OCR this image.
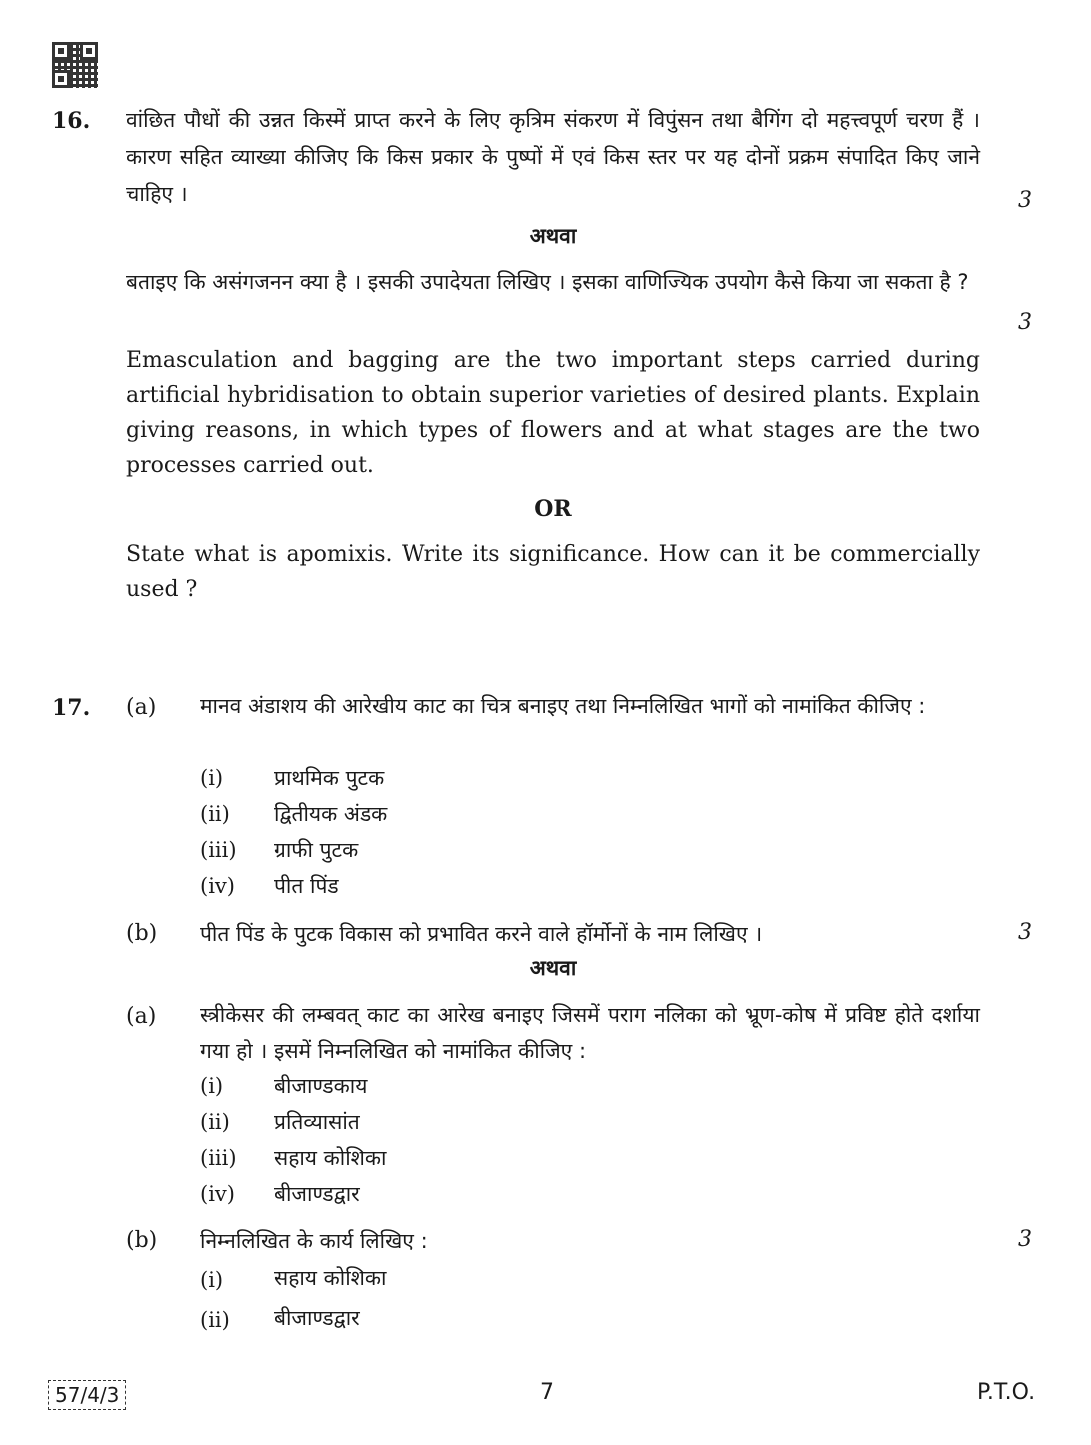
16. वांछित पौधों की उन्नत किस्में प्राप्त करने के लिए कृत्रिम संकरण में विपुंसन तथा बैगिंग दो महत्त्वपूर्ण चरण हैं । कारण सहित व्याख्या कीजिए कि किस प्रकार के पुष्पों में एवं किस स्तर पर यह दोनों प्रक्रम संपादित किए जाने चाहिए ।	3
अथवा
बताइए कि असंगजनन क्या है । इसकी उपादेयता लिखिए । इसका वाणिज्यिक उपयोग कैसे किया जा सकता है ?
3
Emasculation and bagging are the two important steps carried during artificial hybridisation to obtain superior varieties of desired plants. Explain giving reasons, in which types of flowers and at what stages are the two processes carried out.
OR
State what is apomixis. Write its significance. How can it be commercially used ?
17. (a) मानव अंडाशय की आरेखीय काट का चित्र बनाइए तथा निम्नलिखित भागों को नामांकित कीजिए :
(i) प्राथमिक पुटक
(ii) द्वितीयक अंडक
(iii) ग्राफी पुटक
(iv) पीत पिंड
(b) पीत पिंड के पुटक विकास को प्रभावित करने वाले हॉर्मोनों के नाम लिखिए ।	3
अथवा
(a) स्त्रीकेसर की लम्बवत् काट का आरेख बनाइए जिसमें पराग नलिका को भ्रूण-कोष में प्रविष्ट होते दर्शाया गया हो । इसमें निम्नलिखित को नामांकित कीजिए :
(i) बीजाण्डकाय
(ii) प्रतिव्यासांत
(iii) सहाय कोशिका
(iv) बीजाण्डद्वार
(b) निम्नलिखित के कार्य लिखिए :	3
(i) सहाय कोशिका
(ii) बीजाण्डद्वार
57/4/3	7	P.T.O.
